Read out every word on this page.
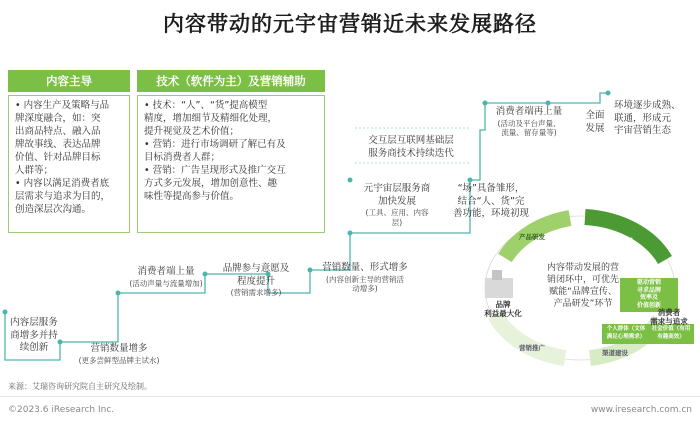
内容带动的元宇宙营销近未来发展路径
内容主导
• 内容生产及策略与品
牌深度融合，如：突
出商品特点、融入品
牌故事线、表达品牌
价值、针对品牌目标
人群等；
• 内容以满足消费者底
层需求与追求为目的，
创造深层次沟通。
技术（软件为主）及营销辅助
• 技术：“人”、“货”提高模型
精度，增加细节及精细化处理，
提升视觉及艺术价值；
• 营销：进行市场调研了解已有及
目标消费者人群；
• 营销：广告呈现形式及推广交互
方式多元发展，增加创意性、趣
味性等提高参与价值。
内容层服务
商增多并持
续创新	营销数量增多
(更多尝鲜型品牌主试水)
消费者端上量
(活动声量与流量增加)
品牌参与意愿及
程度提升
(营销需求增多)
营销数量、形式增多
(内容创新主导的营销活
动增多)
元宇宙层服务商
加快发展
(工具、应用、内容
层)
交互层互联网基础层
服务商技术持续迭代
“场”具备雏形，
结合“人、货”完
善功能，环境初现
消费者端再上量
(活动及平台声量、
流量、留存量等)
全面
发展
环境逐步成熟、
联通，形成元
宇宙营销生态
产品研发	品牌传播
渠道建设
营销推广
品牌
利益最大化	消费者
需求与追求
内容带动发展的营
销闭环中，可优先
赋能“品牌宣传、
产品研发”环节
驱动营销
寻求品牌
效率及
价值创新
个人群体（文体
满足心理需求）
社会价值（有用
有趣高效）
来源：艾瑞咨询研究院自主研究及绘制。
©2023.6 iResearch Inc.	www.iresearch.com.cn
